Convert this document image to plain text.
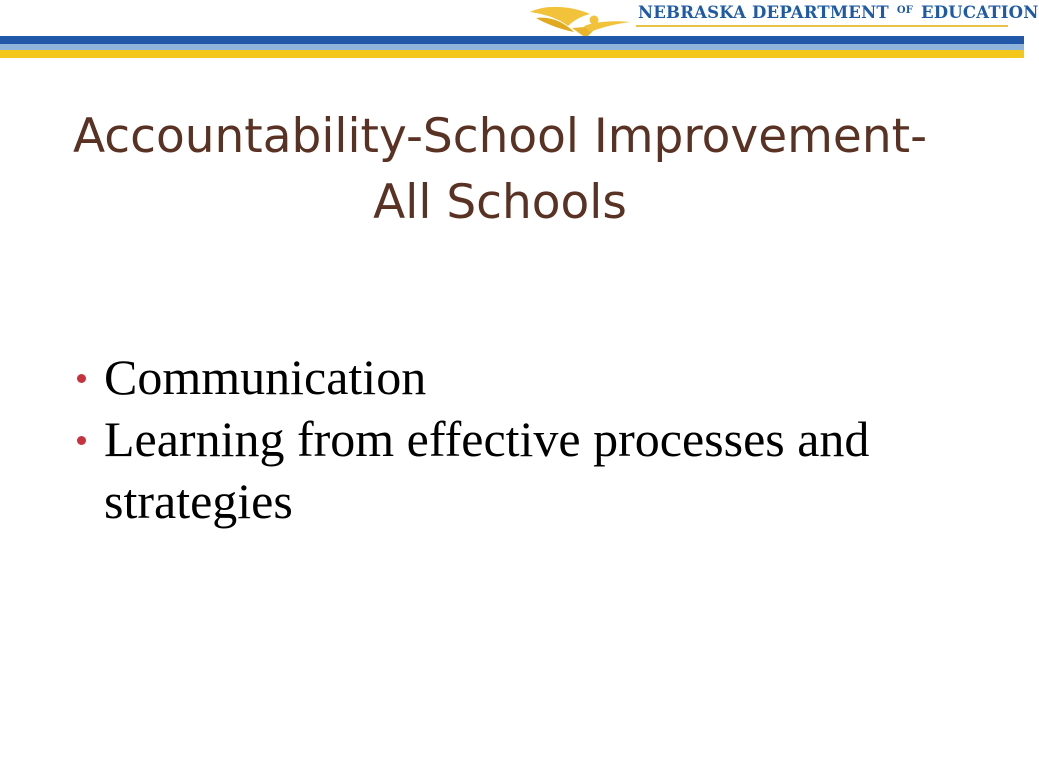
NEBRASKA DEPARTMENT $^{OF}$ EDUCATION
Accountability-School Improvement-
All Schools
Communication
Learning from effective processes and strategies
